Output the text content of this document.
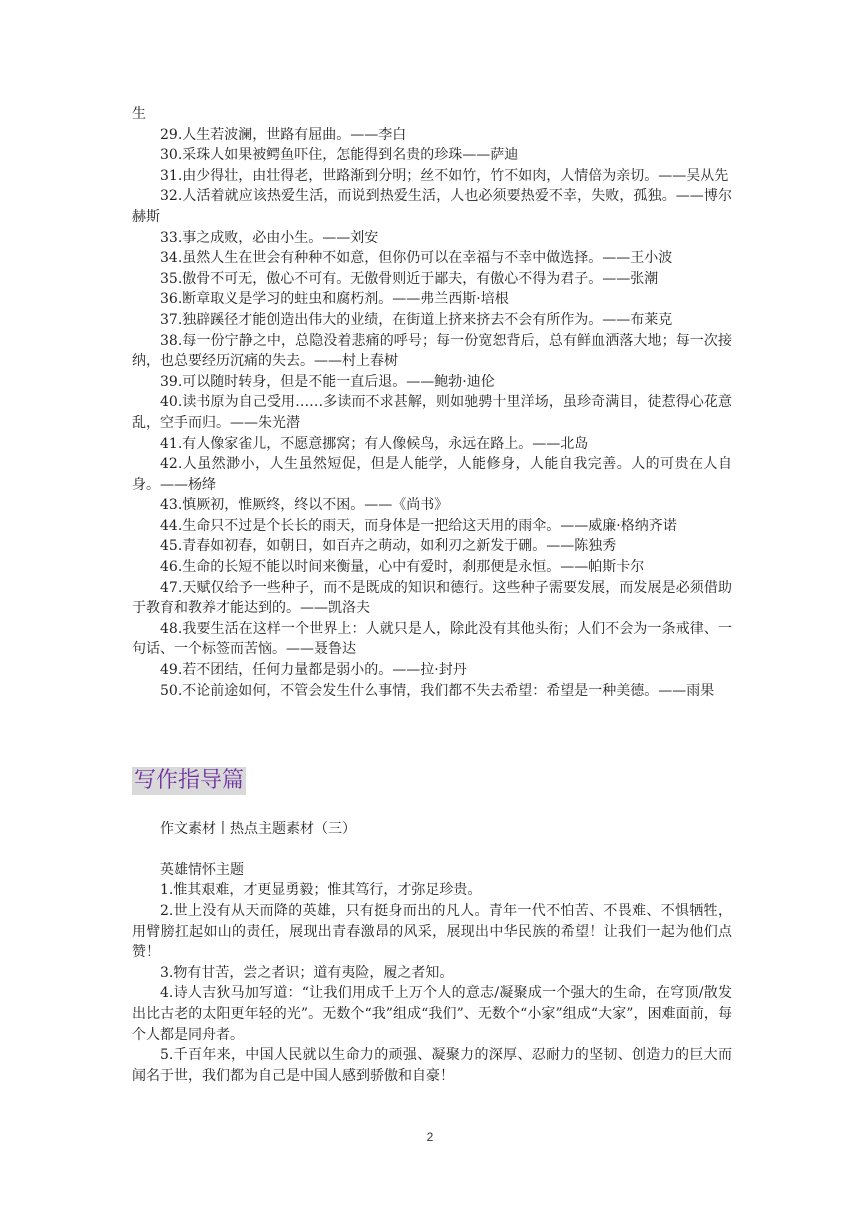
生

29.人生若波澜，世路有屈曲。——李白

30.采珠人如果被鳄鱼吓住，怎能得到名贵的珍珠——萨迪

31.由少得壮，由壮得老，世路渐到分明；丝不如竹，竹不如肉，人情倍为亲切。——吴从先

32.人活着就应该热爱生活，而说到热爱生活，人也必须要热爱不幸，失败，孤独。——博尔赫斯

33.事之成败，必由小生。——刘安

34.虽然人生在世会有种种不如意，但你仍可以在幸福与不幸中做选择。——王小波

35.傲骨不可无，傲心不可有。无傲骨则近于鄙夫，有傲心不得为君子。——张潮

36.断章取义是学习的蛀虫和腐朽剂。——弗兰西斯·培根

37.独辟蹊径才能创造出伟大的业绩，在街道上挤来挤去不会有所作为。——布莱克

38.每一份宁静之中，总隐没着悲痛的呼号；每一份宽恕背后，总有鲜血洒落大地；每一次接纳，也总要经历沉痛的失去。——村上春树

39.可以随时转身，但是不能一直后退。——鲍勃·迪伦

40.读书原为自己受用……多读而不求甚解，则如驰骋十里洋场，虽珍奇满目，徒惹得心花意乱，空手而归。——朱光潜

41.有人像家雀儿，不愿意挪窝；有人像候鸟，永远在路上。——北岛

42.人虽然渺小，人生虽然短促，但是人能学，人能修身，人能自我完善。人的可贵在人自身。——杨绛

43.慎厥初，惟厥终，终以不困。——《尚书》

44.生命只不过是个长长的雨天，而身体是一把给这天用的雨伞。——威廉·格纳齐诺

45.青春如初春，如朝日，如百卉之萌动，如利刃之新发于硎。——陈独秀

46.生命的长短不能以时间来衡量，心中有爱时，刹那便是永恒。——帕斯卡尔

47.天赋仅给予一些种子，而不是既成的知识和德行。这些种子需要发展，而发展是必须借助于教育和教养才能达到的。——凯洛夫

48.我要生活在这样一个世界上：人就只是人，除此没有其他头衔；人们不会为一条戒律、一句话、一个标签而苦恼。——聂鲁达

49.若不团结，任何力量都是弱小的。——拉·封丹

50.不论前途如何，不管会发生什么事情，我们都不失去希望：希望是一种美德。——雨果

写作指导篇

作文素材丨热点主题素材（三）

英雄情怀主题

1.惟其艰难，才更显勇毅；惟其笃行，才弥足珍贵。

2.世上没有从天而降的英雄，只有挺身而出的凡人。青年一代不怕苦、不畏难、不惧牺牲，用臂膀扛起如山的责任，展现出青春激昂的风采，展现出中华民族的希望！让我们一起为他们点赞！

3.物有甘苦，尝之者识；道有夷险，履之者知。

4.诗人吉狄马加写道：“让我们用成千上万个人的意志/凝聚成一个强大的生命，在穹顶/散发出比古老的太阳更年轻的光”。无数个“我”组成“我们”、无数个“小家”组成“大家”，困难面前，每个人都是同舟者。

5.千百年来，中国人民就以生命力的顽强、凝聚力的深厚、忍耐力的坚韧、创造力的巨大而闻名于世，我们都为自己是中国人感到骄傲和自豪！

2
